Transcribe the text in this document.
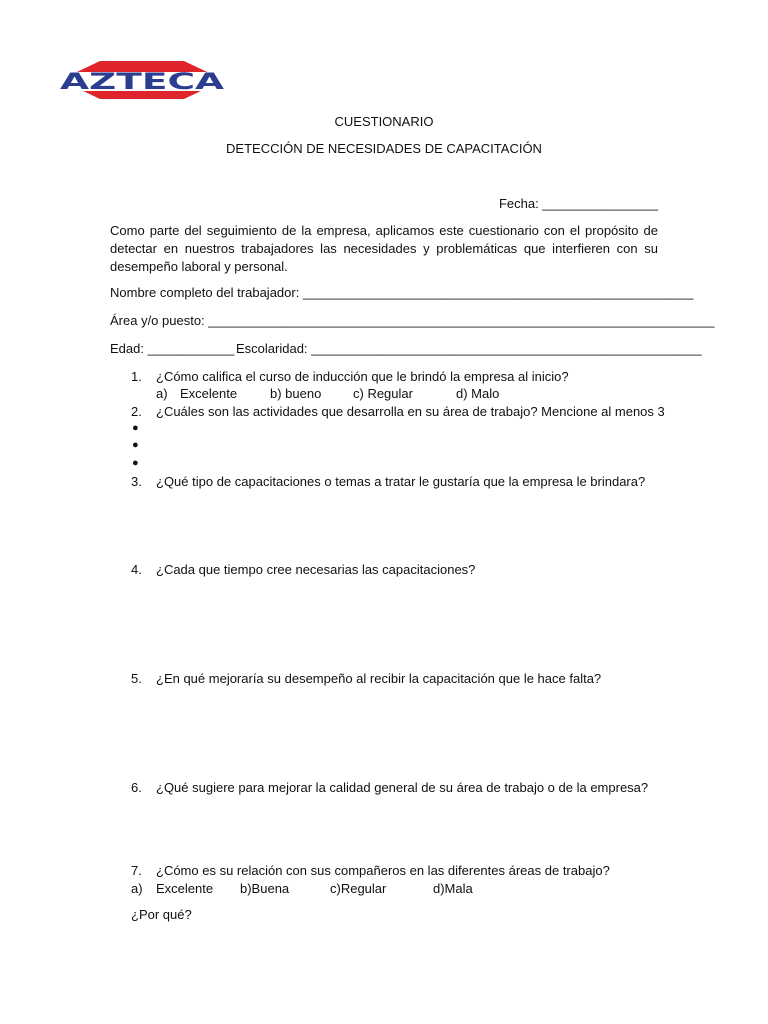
AZTECA
CUESTIONARIO
DETECCIÓN DE NECESIDADES DE CAPACITACIÓN
Fecha: ________________
Como parte del seguimiento de la empresa, aplicamos este cuestionario con el propósito de detectar en nuestros trabajadores las necesidades y problemáticas que interfieren con su desempeño laboral y personal.
Nombre completo del trabajador: ______________________________________________________
Área y/o puesto: ______________________________________________________________________
Edad: ____________ Escolaridad: ______________________________________________________
1. ¿Cómo califica el curso de inducción que le brindó la empresa al inicio?
a) Excelente	b) bueno c) Regular	d) Malo
2. ¿Cuáles son las actividades que desarrolla en su área de trabajo? Mencione al menos 3
●
●
●
3. ¿Qué tipo de capacitaciones o temas a tratar le gustaría que la empresa le brindara?
4. ¿Cada que tiempo cree necesarias las capacitaciones?
5. ¿En qué mejoraría su desempeño al recibir la capacitación que le hace falta?
6. ¿Qué sugiere para mejorar la calidad general de su área de trabajo o de la empresa?
7. ¿Cómo es su relación con sus compañeros en las diferentes áreas de trabajo?
a) Excelente b)Buena	c)Regular	d)Mala
¿Por qué?
